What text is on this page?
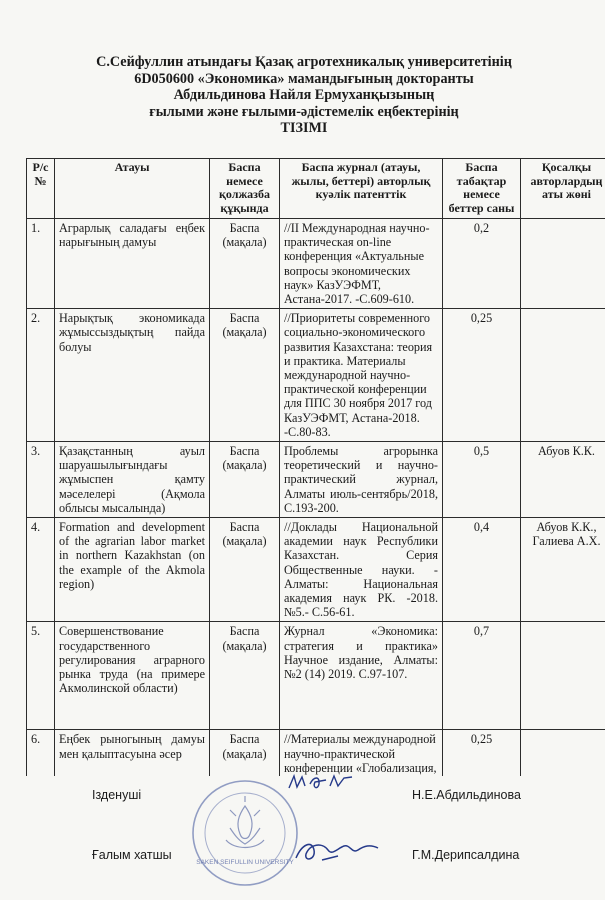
С.Сейфуллин атындағы Қазақ агротехникалық университетінің
6D050600 «Экономика» мамандығының докторанты
Абдильдинова Найля Ермуханқызының
ғылыми және ғылыми-әдістемелік еңбектерінің
ТІЗІМІ
Р/с №	Атауы	Баспа немесе қолжазба құқында	Баспа журнал (атауы, жылы, беттері) авторлық куәлік патенттік	Баспа табақтар немесе беттер саны	Қосалқы авторлардың аты жөні
1.	Аграрлық саладағы еңбек нарығының дамуы	Баспа (мақала)	//II Международная научно-практическая on-line конференция «Актуальные вопросы экономических наук» КазУЭФМТ, Астана-2017. -С.609-610.	0,2	
2.	Нарықтық экономикада жұмыссыздықтың пайда болуы	Баспа (мақала)	//Приоритеты современного социально-экономического развития Казахстана: теория и практика. Материалы международной научно-практической конференции для ППС 30 ноября 2017 год КазУЭФМТ, Астана-2018. -С.80-83.	0,25	
3.	Қазақстанның ауыл шаруашылығындағы жұмыспен қамту мәселелері (Ақмола облысы мысалында)	Баспа (мақала)	Проблемы агрорынка теоретический и научно-практический журнал, Алматы июль-сентябрь/2018, С.193-200.	0,5	Абуов К.К.
4.	Formation and development of the agrarian labor market in northern Kazakhstan (on the example of the Akmola region)	Баспа (мақала)	//Доклады Национальной академии наук Республики Казахстан. Серия Общественные науки. - Алматы: Национальная академия наук РК. -2018. №5.- С.56-61.	0,4	Абуов К.К., Галиева А.Х.
5.	Совершенствование государственного регулирования аграрного рынка труда (на примере Акмолинской области)	Баспа (мақала)	Журнал «Экономика: стратегия и практика» Научное издание, Алматы: №2 (14) 2019. С.97-107.	0,7	
6.	Еңбек рыногының дамуы мен қалыптасуына әсер	Баспа (мақала)	//Материалы международной научно-практической конференции «Глобализация,	0,25	
Ізденуші	Н.Е.Абдильдинова
Ғалым хатшы	Г.М.Дерипсалдина
SAKEN SEIFULLIN UNIVERSITY
